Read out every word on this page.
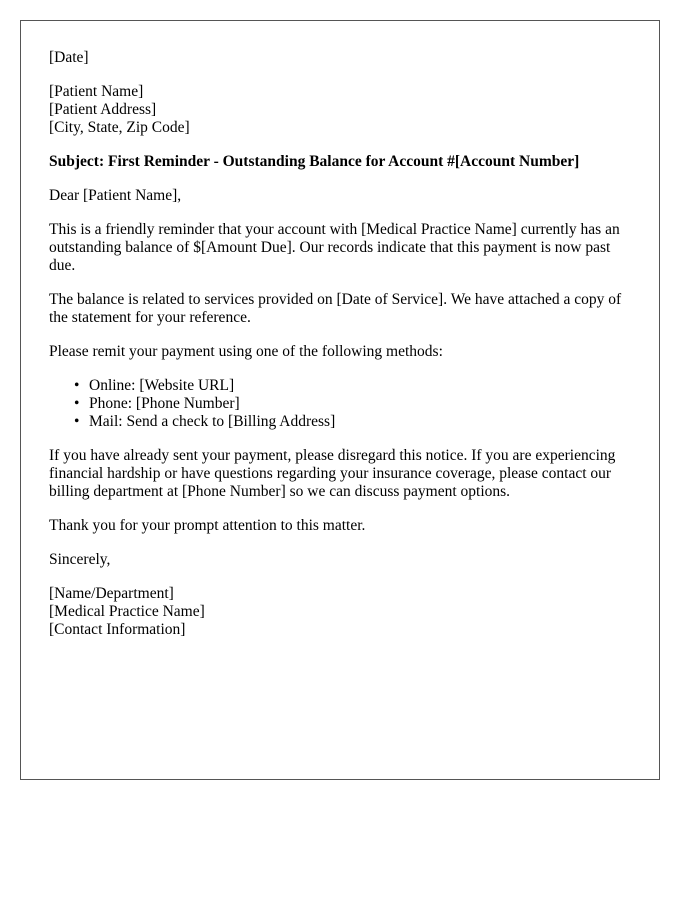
[Date]

[Patient Name]
[Patient Address]
[City, State, Zip Code]

Subject: First Reminder - Outstanding Balance for Account #[Account Number]

Dear [Patient Name],

This is a friendly reminder that your account with [Medical Practice Name] currently has an outstanding balance of $[Amount Due]. Our records indicate that this payment is now past due.

The balance is related to services provided on [Date of Service]. We have attached a copy of the statement for your reference.

Please remit your payment using one of the following methods:

• Online: [Website URL]
• Phone: [Phone Number]
• Mail: Send a check to [Billing Address]

If you have already sent your payment, please disregard this notice. If you are experiencing financial hardship or have questions regarding your insurance coverage, please contact our billing department at [Phone Number] so we can discuss payment options.

Thank you for your prompt attention to this matter.

Sincerely,

[Name/Department]
[Medical Practice Name]
[Contact Information]
